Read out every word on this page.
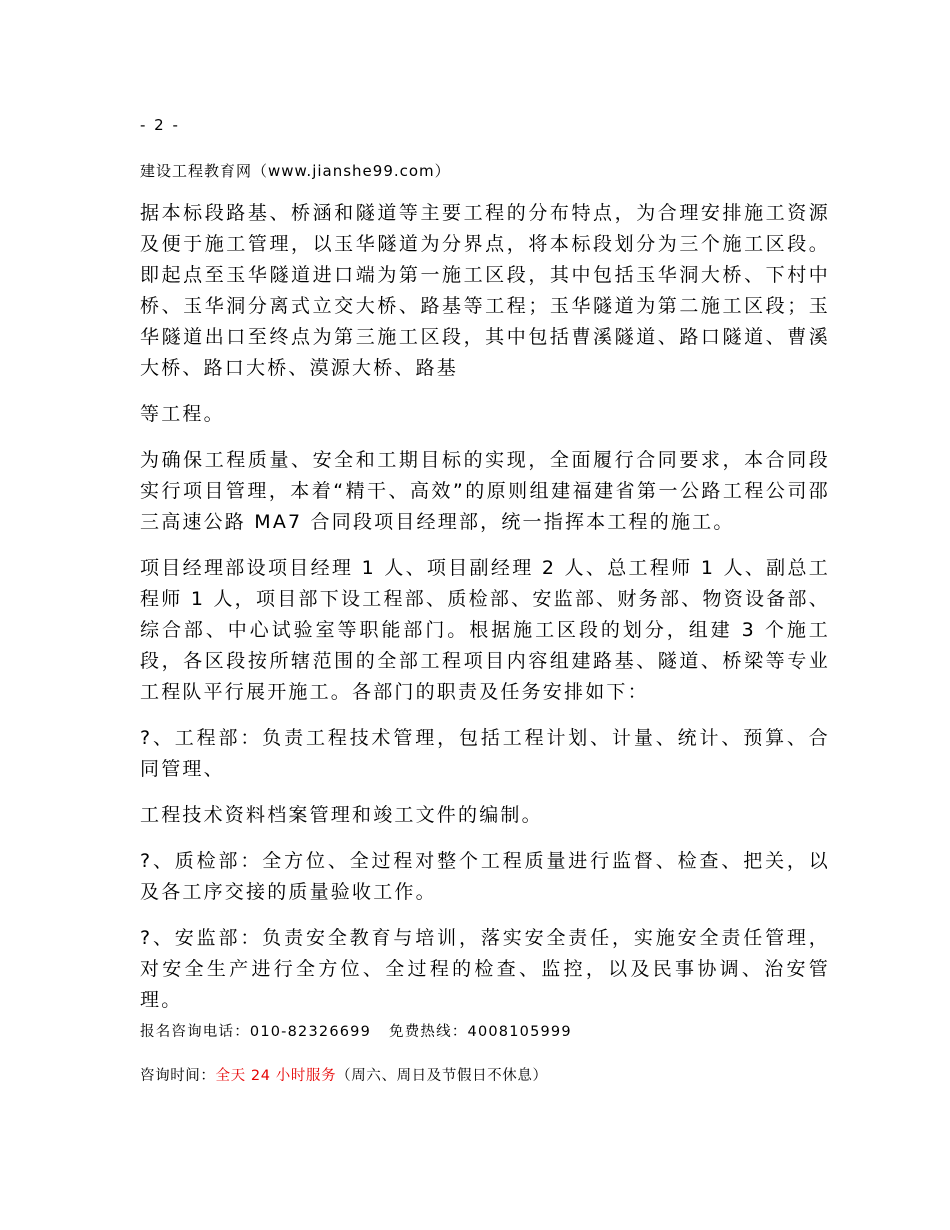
- 2 -
建设工程教育网（www.jianshe99.com）

据本标段路基、桥涵和隧道等主要工程的分布特点，为合理安排施工资源及便于施工管理，以玉华隧道为分界点，将本标段划分为三个施工区段。即起点至玉华隧道进口端为第一施工区段，其中包括玉华洞大桥、下村中桥、玉华洞分离式立交大桥、路基等工程；玉华隧道为第二施工区段；玉华隧道出口至终点为第三施工区段，其中包括曹溪隧道、路口隧道、曹溪大桥、路口大桥、漠源大桥、路基

等工程。

为确保工程质量、安全和工期目标的实现，全面履行合同要求，本合同段实行项目管理，本着“精干、高效”的原则组建福建省第一公路工程公司邵三高速公路 MA7 合同段项目经理部，统一指挥本工程的施工。

项目经理部设项目经理 1 人、项目副经理 2 人、总工程师 1 人、副总工程师 1 人，项目部下设工程部、质检部、安监部、财务部、物资设备部、综合部、中心试验室等职能部门。根据施工区段的划分，组建 3 个施工段，各区段按所辖范围的全部工程项目内容组建路基、隧道、桥梁等专业工程队平行展开施工。各部门的职责及任务安排如下：

?、工程部：负责工程技术管理，包括工程计划、计量、统计、预算、合同管理、

工程技术资料档案管理和竣工文件的编制。

?、质检部：全方位、全过程对整个工程质量进行监督、检查、把关，以及各工序交接的质量验收工作。

?、安监部：负责安全教育与培训，落实安全责任，实施安全责任管理，对安全生产进行全方位、全过程的检查、监控，以及民事协调、治安管理。

报名咨询电话：010-82326699 免费热线：4008105999
咨询时间：全天 24 小时服务（周六、周日及节假日不休息）
